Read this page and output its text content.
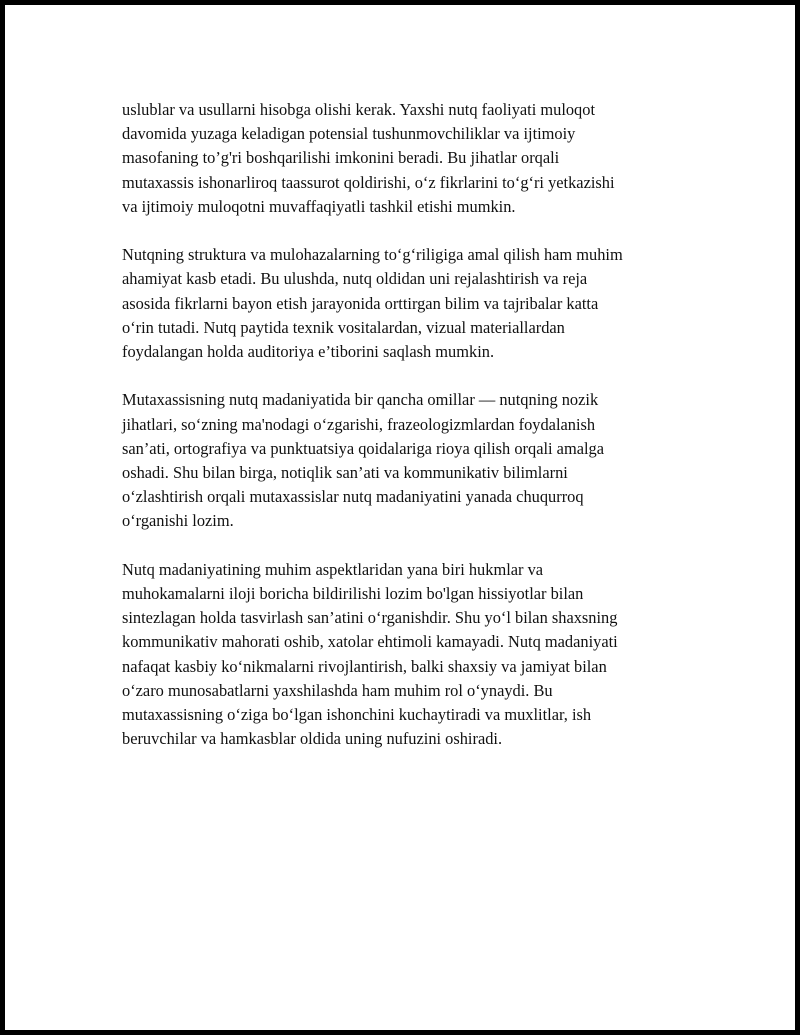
uslublar va usullarni hisobga olishi kerak. Yaxshi nutq faoliyati muloqot
davomida yuzaga keladigan potensial tushunmovchiliklar va ijtimoiy
masofaning to’g'ri boshqarilishi imkonini beradi. Bu jihatlar orqali
mutaxassis ishonarliroq taassurot qoldirishi, o‘z fikrlarini to‘g‘ri yetkazishi
va ijtimoiy muloqotni muvaffaqiyatli tashkil etishi mumkin.

Nutqning struktura va mulohazalarning to‘g‘riligiga amal qilish ham muhim
ahamiyat kasb etadi. Bu ulushda, nutq oldidan uni rejalashtirish va reja
asosida fikrlarni bayon etish jarayonida orttirgan bilim va tajribalar katta
o‘rin tutadi. Nutq paytida texnik vositalardan, vizual materiallardan
foydalangan holda auditoriya e’tiborini saqlash mumkin.

Mutaxassisning nutq madaniyatida bir qancha omillar — nutqning nozik
jihatlari, so‘zning ma'nodagi o‘zgarishi, frazeologizmlardan foydalanish
san’ati, ortografiya va punktuatsiya qoidalariga rioya qilish orqali amalga
oshadi. Shu bilan birga, notiqlik san’ati va kommunikativ bilimlarni
o‘zlashtirish orqali mutaxassislar nutq madaniyatini yanada chuqurroq
o‘rganishi lozim.

Nutq madaniyatining muhim aspektlaridan yana biri hukmlar va
muhokamalarni iloji boricha bildirilishi lozim bo'lgan hissiyotlar bilan
sintezlagan holda tasvirlash san’atini o‘rganishdir. Shu yo‘l bilan shaxsning
kommunikativ mahorati oshib, xatolar ehtimoli kamayadi. Nutq madaniyati
nafaqat kasbiy ko‘nikmalarni rivojlantirish, balki shaxsiy va jamiyat bilan
o‘zaro munosabatlarni yaxshilashda ham muhim rol o‘ynaydi. Bu
mutaxassisning o‘ziga bo‘lgan ishonchini kuchaytiradi va muxlitlar, ish
beruvchilar va hamkasblar oldida uning nufuzini oshiradi.
